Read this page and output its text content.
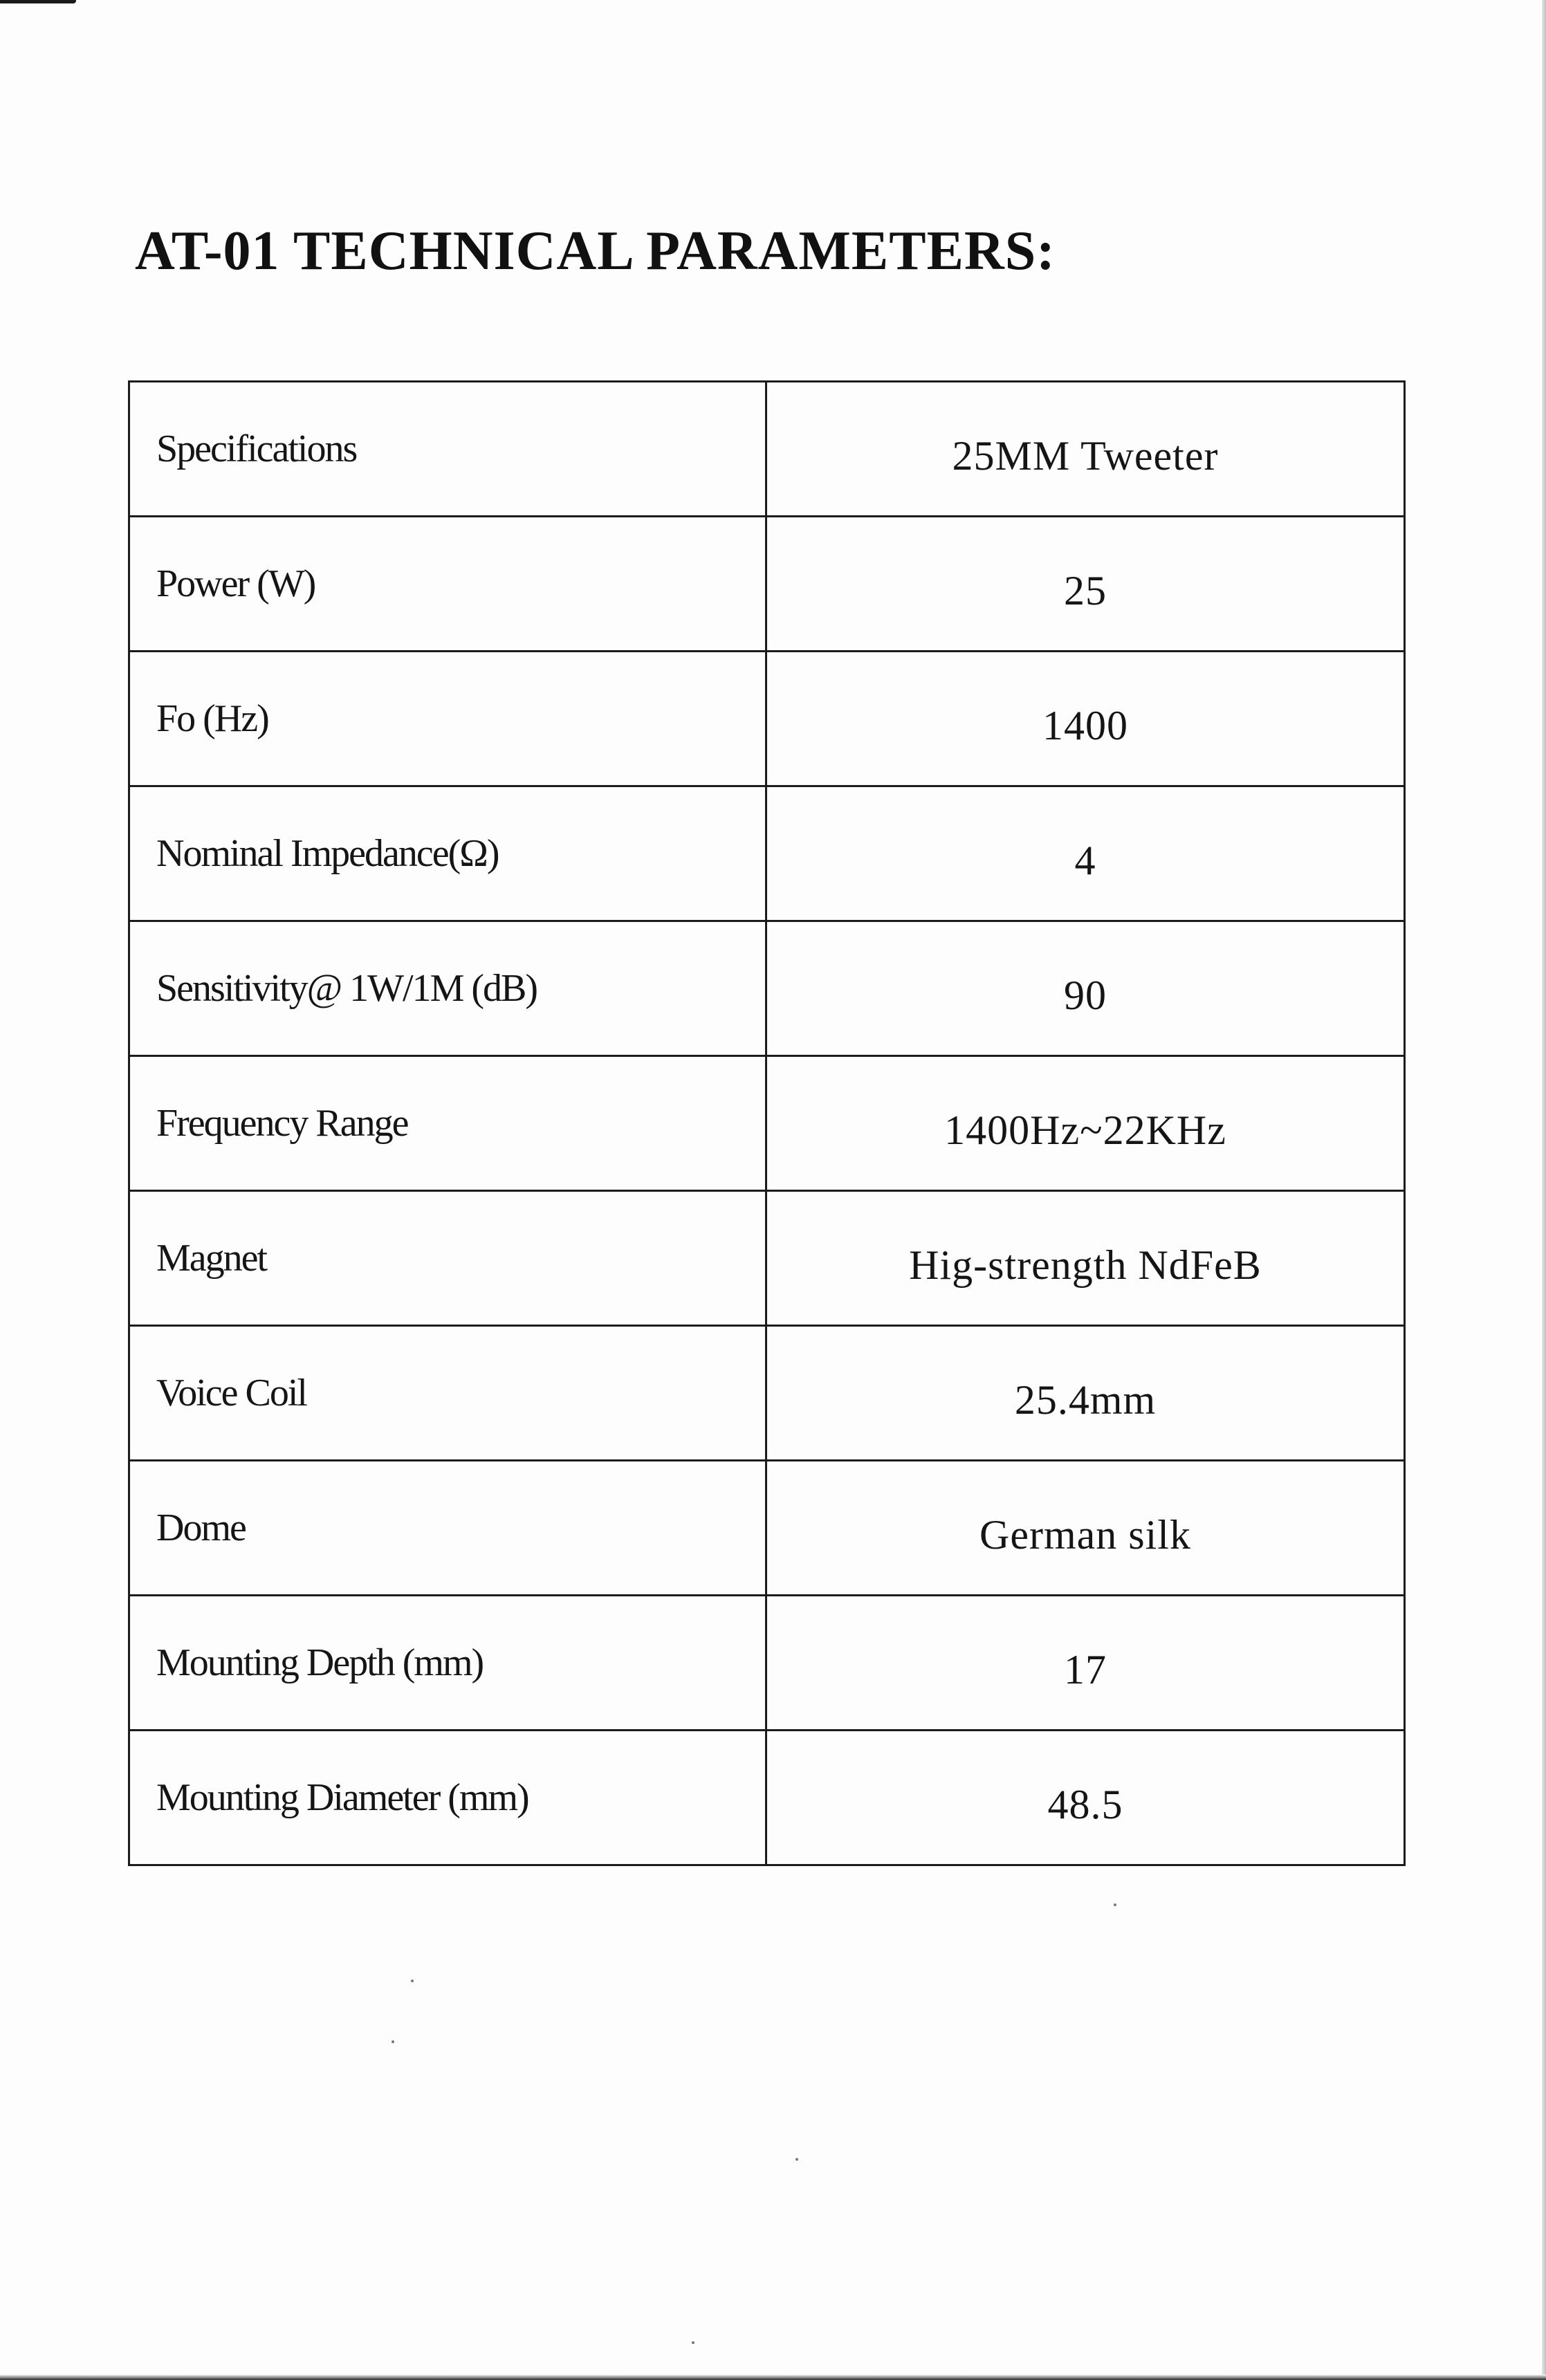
AT-01 TECHNICAL PARAMETERS:
Specifications	25MM Tweeter
Power (W)	25
Fo (Hz)	1400
Nominal Impedance(Ω)	4
Sensitivity@ 1W/1M (dB)	90
Frequency Range	1400Hz~22KHz
Magnet	Hig-strength NdFeB
Voice Coil	25.4mm
Dome	German silk
Mounting Depth (mm)	17
Mounting Diameter (mm)	48.5
